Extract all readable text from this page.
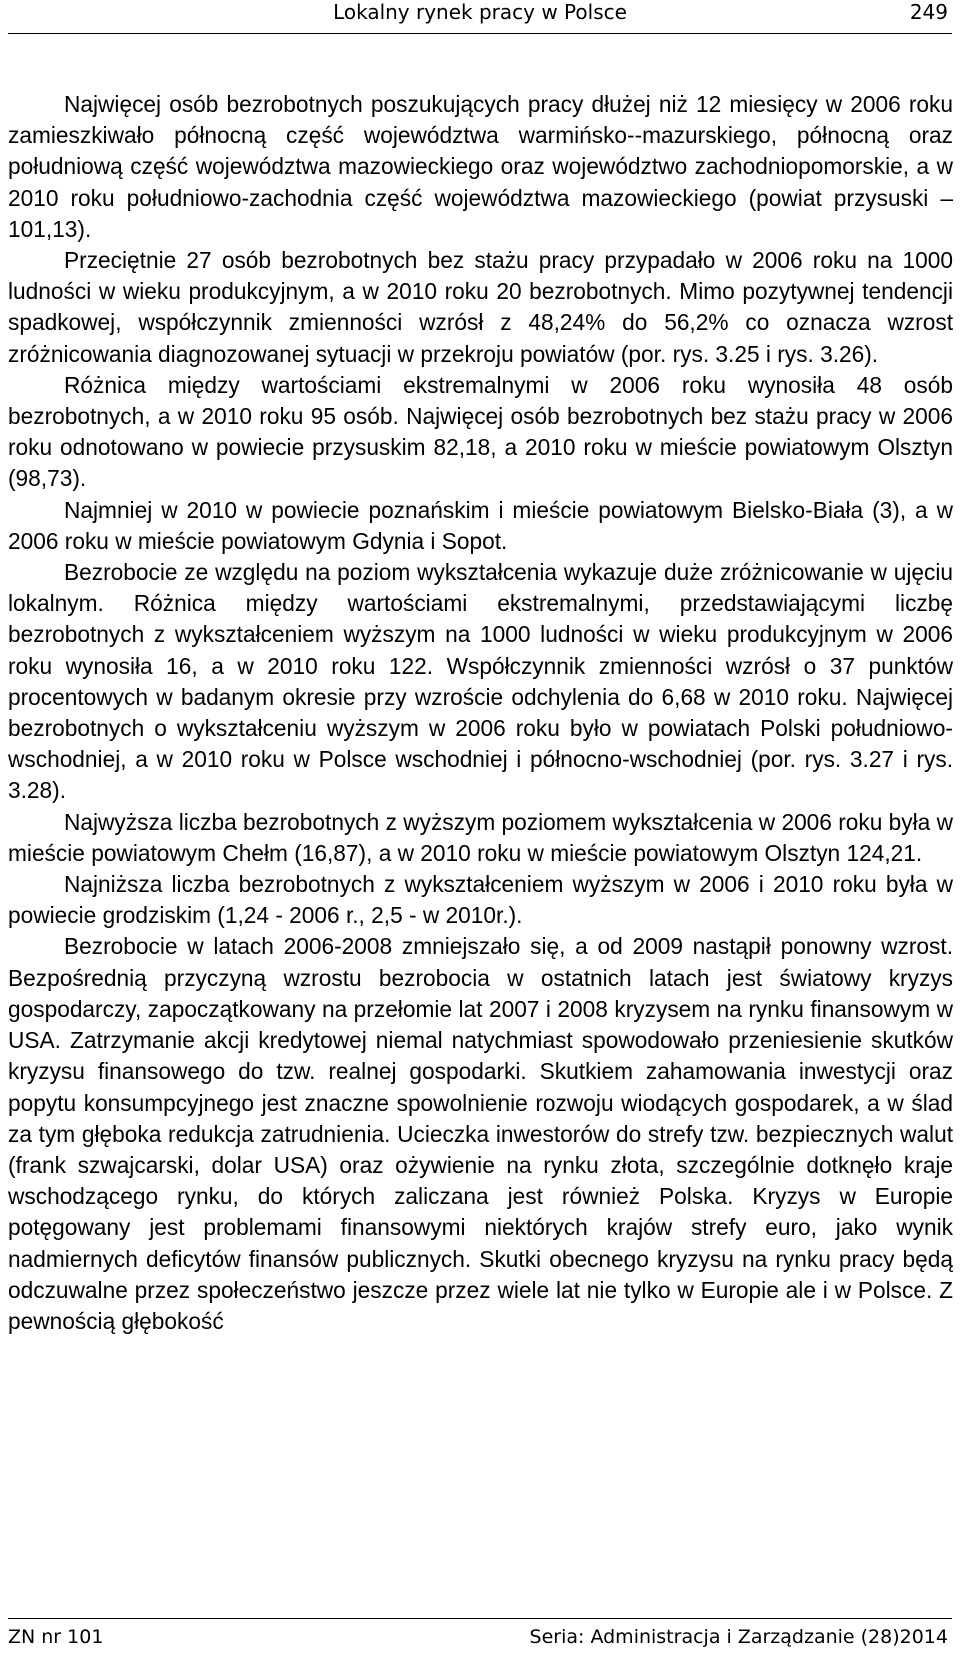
Lokalny rynek pracy w Polsce	249

Najwięcej osób bezrobotnych poszukujących pracy dłużej niż 12 miesięcy w 2006 roku zamieszkiwało północną część województwa warmińsko--mazurskiego, północną oraz południową część województwa mazowieckiego oraz województwo zachodniopomorskie, a w 2010 roku południowo-zachodnia część województwa mazowieckiego (powiat przysuski – 101,13).

Przeciętnie 27 osób bezrobotnych bez stażu pracy przypadało w 2006 roku na 1000 ludności w wieku produkcyjnym, a w 2010 roku 20 bezrobotnych. Mimo pozytywnej tendencji spadkowej, współczynnik zmienności wzrósł z 48,24% do 56,2% co oznacza wzrost zróżnicowania diagnozowanej sytuacji w przekroju powiatów (por. rys. 3.25 i rys. 3.26).

Różnica między wartościami ekstremalnymi w 2006 roku wynosiła 48 osób bezrobotnych, a w 2010 roku 95 osób. Najwięcej osób bezrobotnych bez stażu pracy w 2006 roku odnotowano w powiecie przysuskim 82,18, a 2010 roku w mieście powiatowym Olsztyn (98,73).

Najmniej w 2010 w powiecie poznańskim i mieście powiatowym Bielsko-Biała (3), a w 2006 roku w mieście powiatowym Gdynia i Sopot.

Bezrobocie ze względu na poziom wykształcenia wykazuje duże zróżnicowanie w ujęciu lokalnym. Różnica między wartościami ekstremalnymi, przedstawiającymi liczbę bezrobotnych z wykształceniem wyższym na 1000 ludności w wieku produkcyjnym w 2006 roku wynosiła 16, a w 2010 roku 122. Współczynnik zmienności wzrósł o 37 punktów procentowych w badanym okresie przy wzroście odchylenia do 6,68 w 2010 roku. Najwięcej bezrobotnych o wykształceniu wyższym w 2006 roku było w powiatach Polski południowo-wschodniej, a w 2010 roku w Polsce wschodniej i północno-wschodniej (por. rys. 3.27 i rys. 3.28).

Najwyższa liczba bezrobotnych z wyższym poziomem wykształcenia w 2006 roku była w mieście powiatowym Chełm (16,87), a w 2010 roku w mieście powiatowym Olsztyn 124,21.

Najniższa liczba bezrobotnych z wykształceniem wyższym w 2006 i 2010 roku była w powiecie grodziskim (1,24 - 2006 r., 2,5 - w 2010r.).

Bezrobocie w latach 2006-2008 zmniejszało się, a od 2009 nastąpił ponowny wzrost. Bezpośrednią przyczyną wzrostu bezrobocia w ostatnich latach jest światowy kryzys gospodarczy, zapoczątkowany na przełomie lat 2007 i 2008 kryzysem na rynku finansowym w USA. Zatrzymanie akcji kredytowej niemal natychmiast spowodowało przeniesienie skutków kryzysu finansowego do tzw. realnej gospodarki. Skutkiem zahamowania inwestycji oraz popytu konsumpcyjnego jest znaczne spowolnienie rozwoju wiodących gospodarek, a w ślad za tym głęboka redukcja zatrudnienia. Ucieczka inwestorów do strefy tzw. bezpiecznych walut (frank szwajcarski, dolar USA) oraz ożywienie na rynku złota, szczególnie dotknęło kraje wschodzącego rynku, do których zaliczana jest również Polska. Kryzys w Europie potęgowany jest problemami finansowymi niektórych krajów strefy euro, jako wynik nadmiernych deficytów finansów publicznych. Skutki obecnego kryzysu na rynku pracy będą odczuwalne przez społeczeństwo jeszcze przez wiele lat nie tylko w Europie ale i w Polsce. Z pewnością głębokość

ZN nr 101	Seria: Administracja i Zarządzanie (28)2014
